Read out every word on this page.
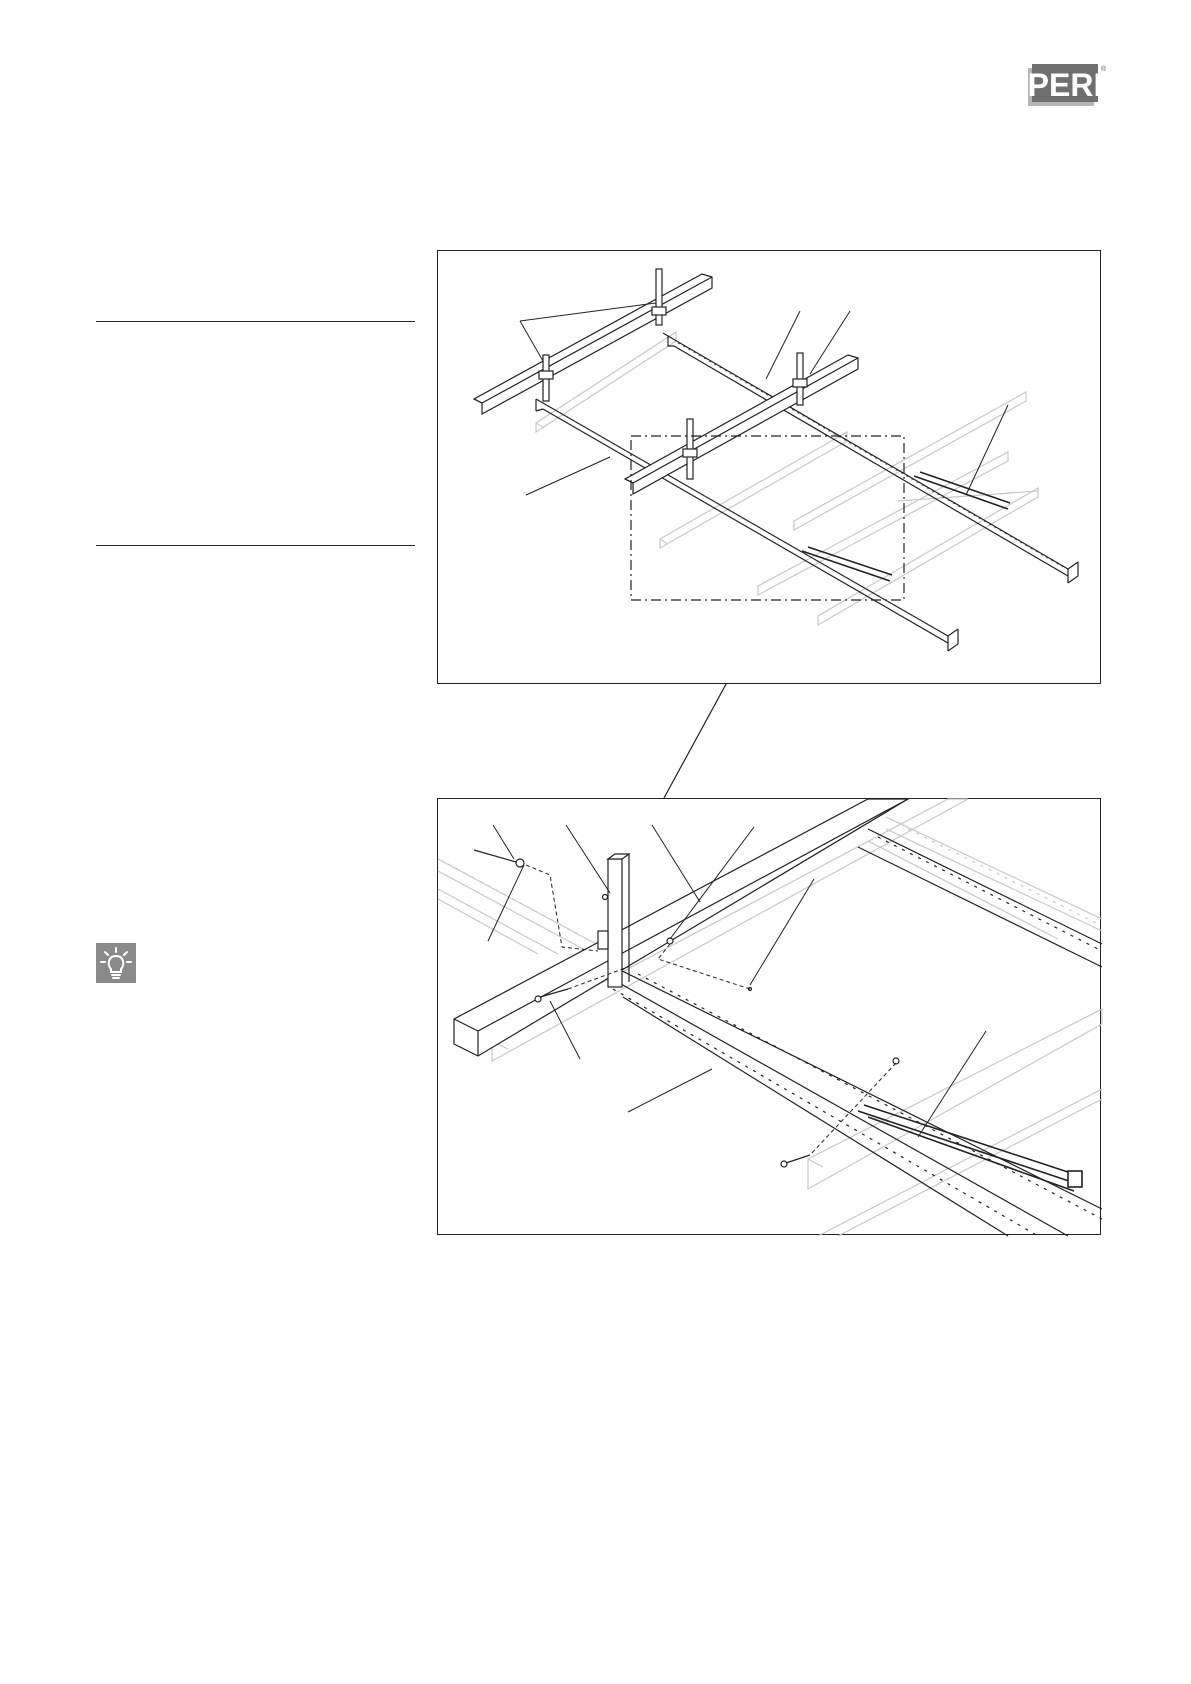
PERI
®
